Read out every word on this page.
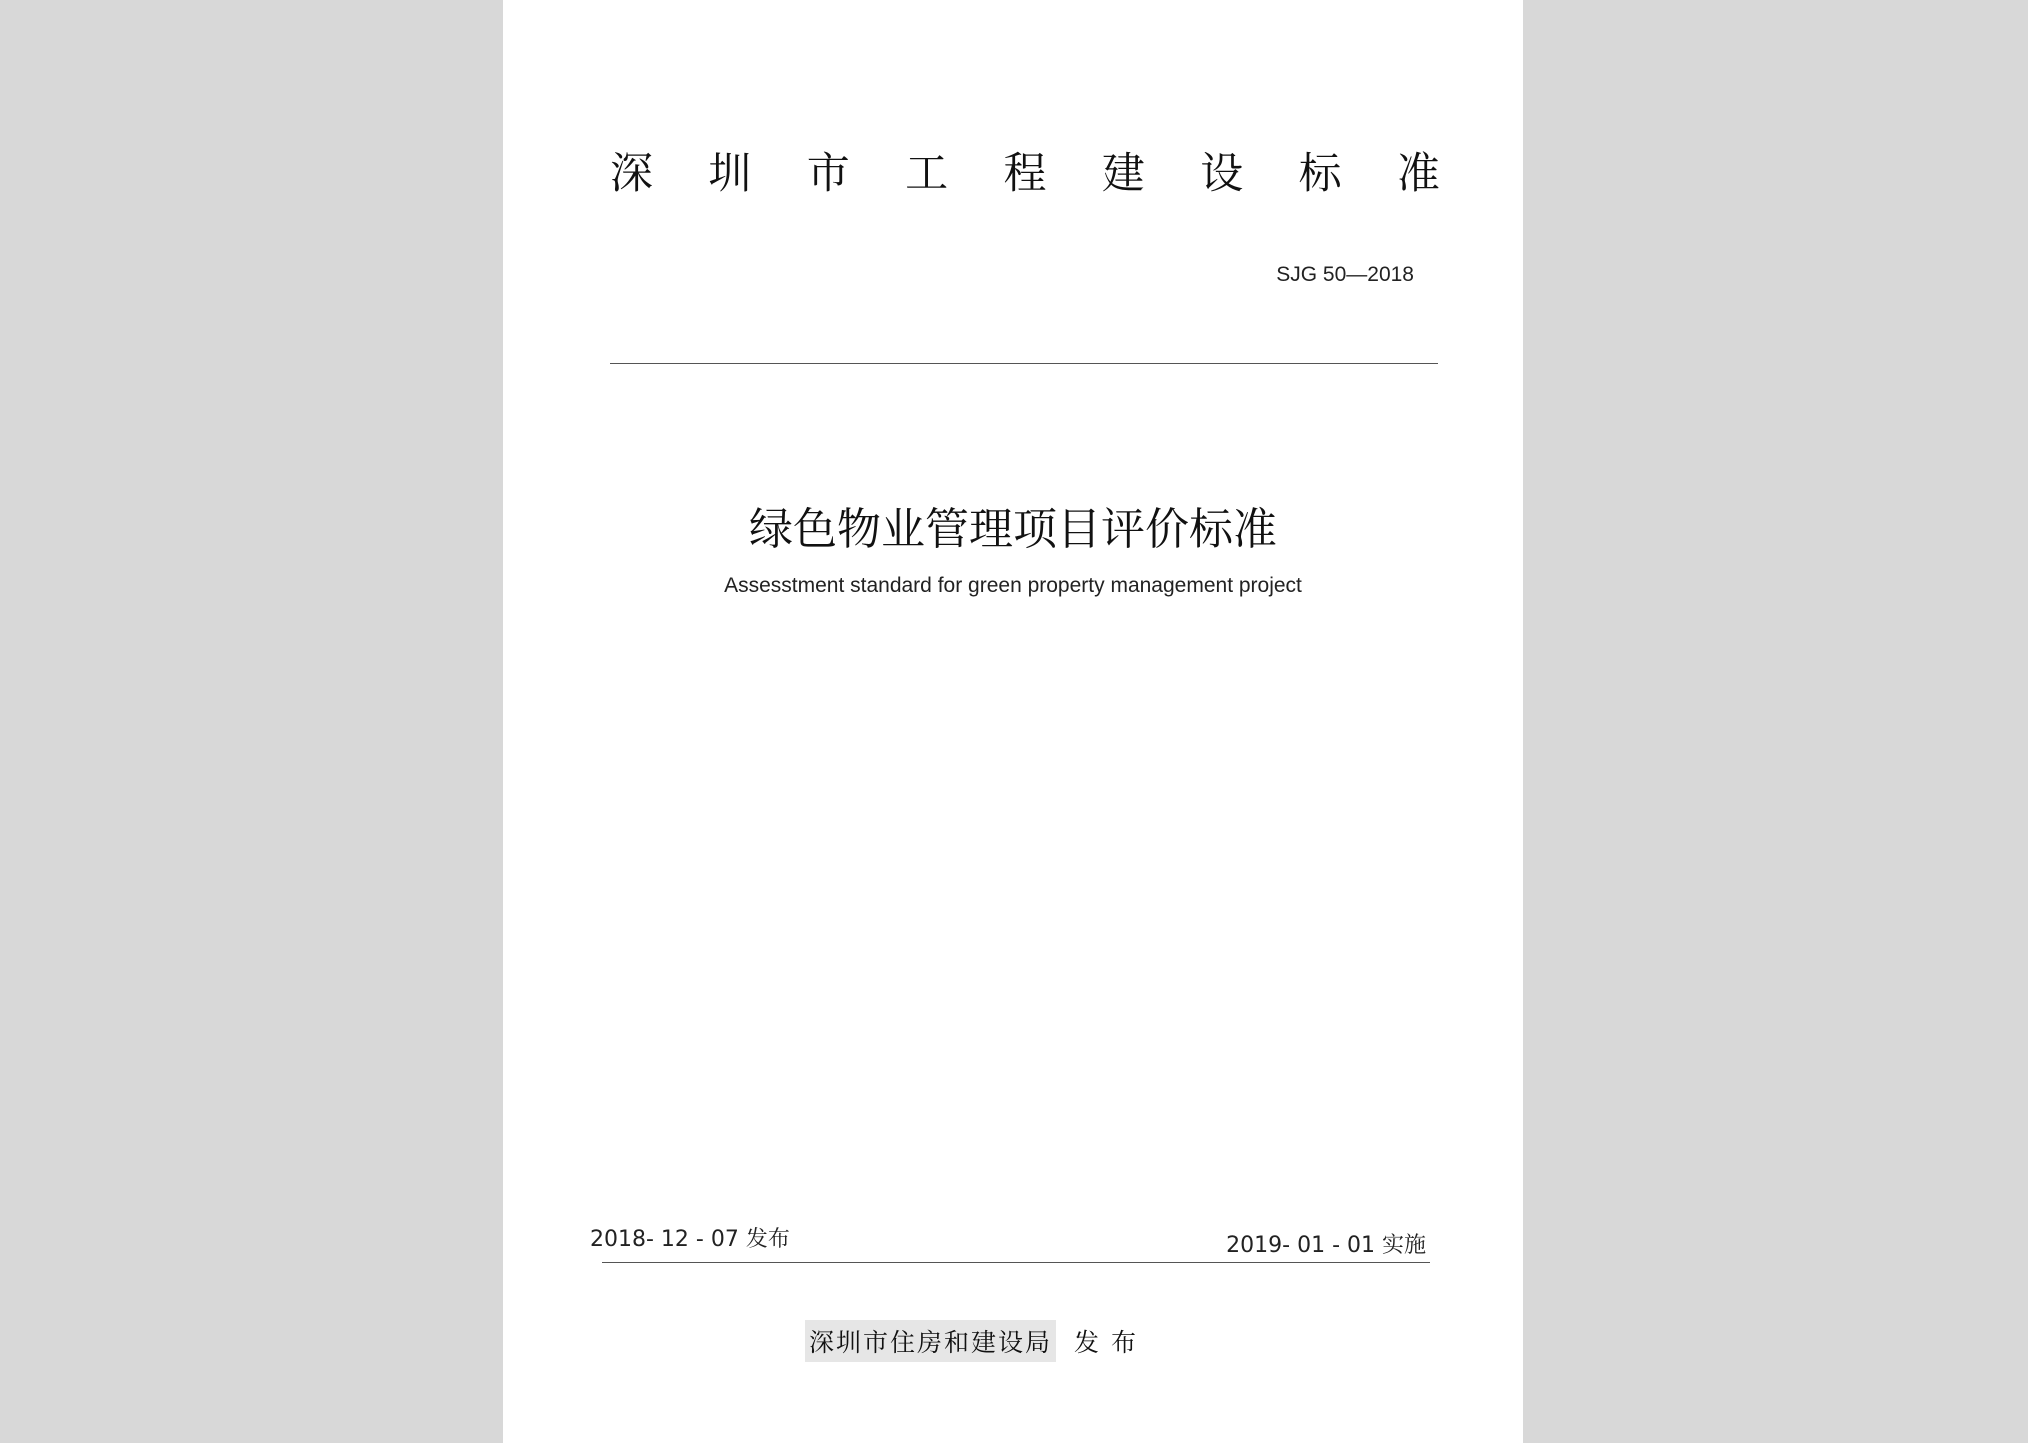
深 圳 市 工 程 建 设 标 准
SJG 50—2018
绿色物业管理项目评价标准
Assesstment standard for green property management project
2018- 12 - 07 发布	2019- 01 - 01 实施
深圳市住房和建设局 发布
